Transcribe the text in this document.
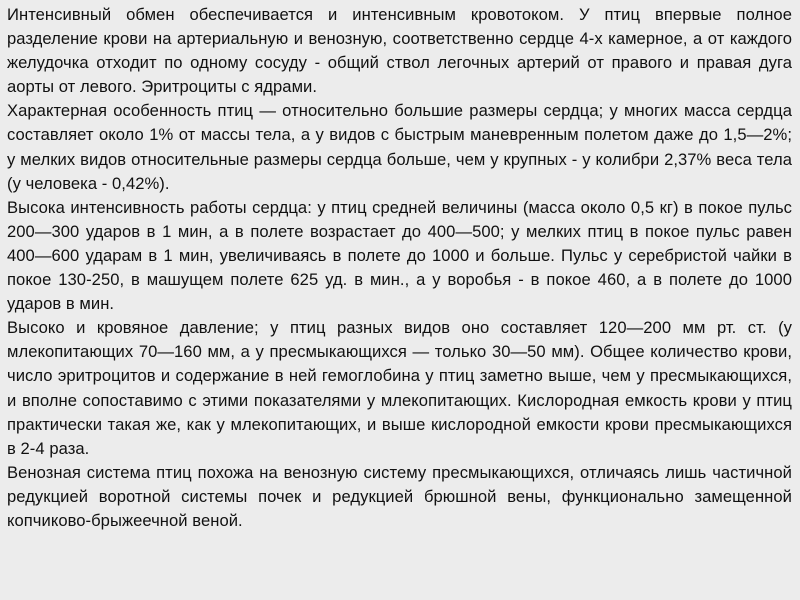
Интенсивный обмен обеспечивается и интенсивным кровотоком. У птиц впервые полное разделение крови на артериальную и венозную, соответственно сердце 4-х камерное, а от каждого желудочка отходит по одному сосуду - общий ствол легочных артерий от правого и правая дуга аорты от левого. Эритроциты с ядрами.

Характерная особенность птиц — относительно большие размеры сердца; у многих масса сердца составляет около 1% от массы тела, а у видов с быстрым маневренным полетом даже до 1,5—2%; у мелких видов относительные размеры сердца больше, чем у крупных - у колибри 2,37% веса тела (у человека - 0,42%).

Высока интенсивность работы сердца: у птиц средней величины (масса около 0,5 кг) в покое пульс 200—300 ударов в 1 мин, а в полете возрастает до 400—500; у мелких птиц в покое пульс равен 400—600 ударам в 1 мин, увеличиваясь в полете до 1000 и больше. Пульс у серебристой чайки в покое 130-250, в машущем полете 625 уд. в мин., а у воробья - в покое 460, а в полете до 1000 ударов в мин.

Высоко и кровяное давление; у птиц разных видов оно составляет 120—200 мм рт. ст. (у млекопитающих 70—160 мм, а у пресмыкающихся — только 30—50 мм). Общее количество крови, число эритроцитов и содержание в ней гемоглобина у птиц заметно выше, чем у пресмыкающихся, и вполне сопоставимо с этими показателями у млекопитающих. Кислородная емкость крови у птиц практически такая же, как у млекопитающих, и выше кислородной емкости крови пресмыкающихся в 2-4 раза.

Венозная система птиц похожа на венозную систему пресмыкающихся, отличаясь лишь частичной редукцией воротной системы почек и редукцией брюшной вены, функционально замещенной копчиково-брыжеечной веной.
